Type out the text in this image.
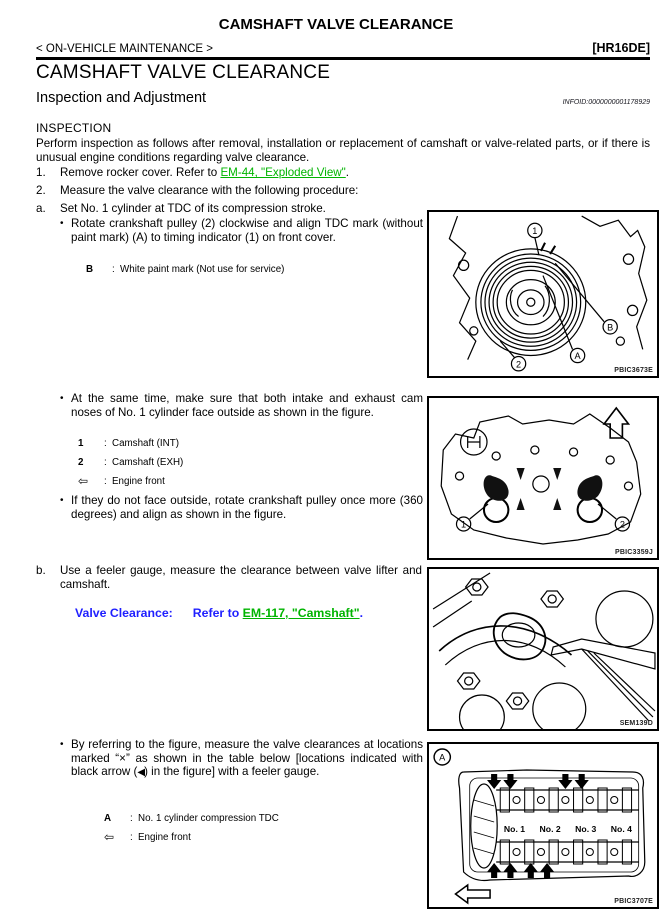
CAMSHAFT VALVE CLEARANCE
< ON-VEHICLE MAINTENANCE >	[HR16DE]
CAMSHAFT VALVE CLEARANCE
Inspection and Adjustment	INFOID:0000000001178929
INSPECTION
Perform inspection as follows after removal, installation or replacement of camshaft or valve-related parts, or if there is unusual engine conditions regarding valve clearance.
1.	Remove rocker cover. Refer to EM-44, "Exploded View".
2.	Measure the valve clearance with the following procedure:
a.	Set No. 1 cylinder at TDC of its compression stroke.
• Rotate crankshaft pulley (2) clockwise and align TDC mark (without paint mark) (A) to timing indicator (1) on front cover.
B	: White paint mark (Not use for service)
• At the same time, make sure that both intake and exhaust cam noses of No. 1 cylinder face outside as shown in the figure.
1	: Camshaft (INT)
2	: Camshaft (EXH)
⇦	: Engine front
• If they do not face outside, rotate crankshaft pulley once more (360 degrees) and align as shown in the figure.
b.	Use a feeler gauge, measure the clearance between valve lifter and camshaft.
Valve Clearance: Refer to EM-117, "Camshaft".
• By referring to the figure, measure the valve clearances at locations marked “×” as shown in the table below [locations indicated with black arrow (◀) in the figure] with a feeler gauge.
A	: No. 1 cylinder compression TDC
⇦	: Engine front
1
B
A
2
PBIC3673E
1	2
PBIC3359J
SEM139D
A
No. 1 No. 2 No. 3 No. 4
PBIC3707E
